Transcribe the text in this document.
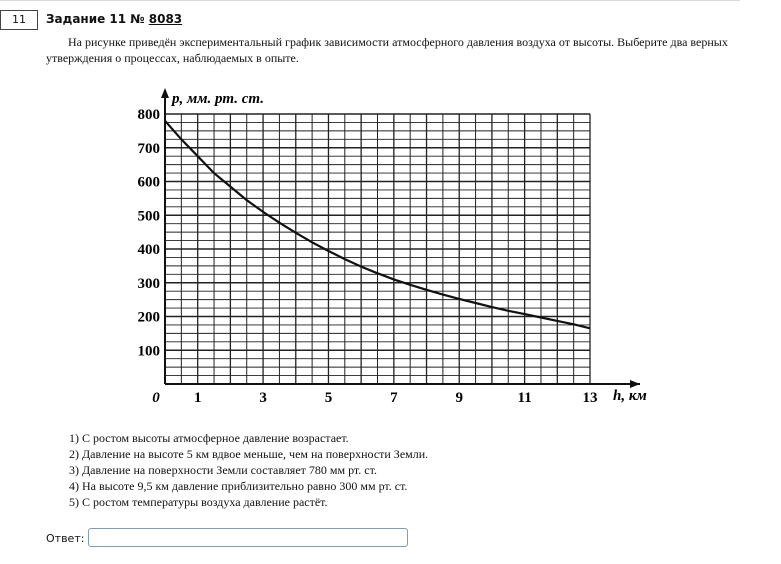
11	Задание 11 № 8083
На рисунке приведён экспериментальный график зависимости атмосферного давления воздуха от высоты. Выберите два верных утверждения о процессах, наблюдаемых в опыте.
100
200
300
400
500
600
700
800
0 1	3	5	7	9	11	13
p, мм. рт. ст.
h, км
1) С ростом высоты атмосферное давление возрастает.
2) Давление на высоте 5 км вдвое меньше, чем на поверхности Земли.
3) Давление на поверхности Земли составляет 780 мм рт. ст.
4) На высоте 9,5 км давление приблизительно равно 300 мм рт. ст.
5) С ростом температуры воздуха давление растёт.
Ответ:
